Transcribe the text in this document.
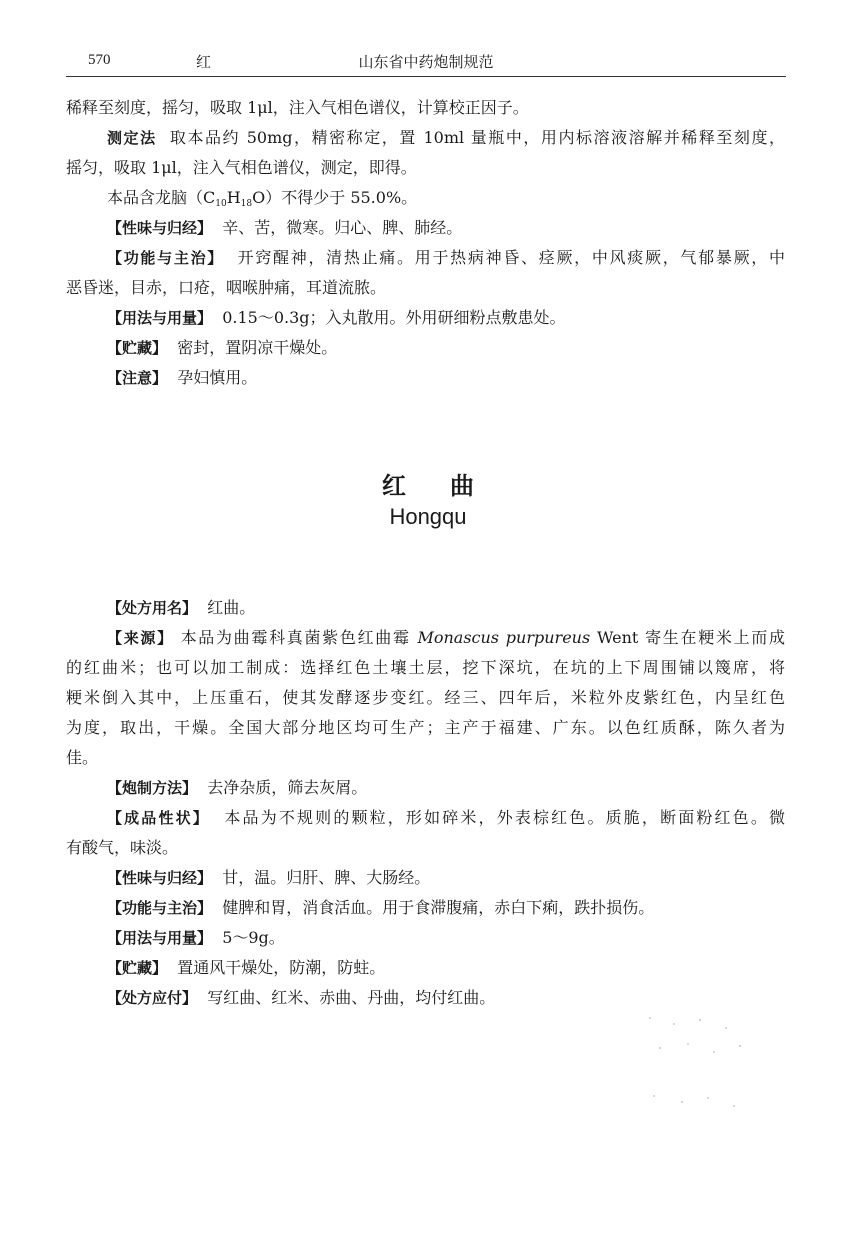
570	红	山东省中药炮制规范
稀释至刻度，摇匀，吸取 1μl，注入气相色谱仪，计算校正因子。
测定法 取本品约 50mg，精密称定，置 10ml 量瓶中，用内标溶液溶解并稀释至刻度，
摇匀，吸取 1μl，注入气相色谱仪，测定，即得。
本品含龙脑$(C_{10}H_{18}O)$不得少于 55.0%。
【性味与归经】 辛、苦，微寒。归心、脾、肺经。
【功能与主治】 开窍醒神，清热止痛。用于热病神昏、痉厥，中风痰厥，气郁暴厥，中
恶昏迷，目赤，口疮，咽喉肿痛，耳道流脓。
【用法与用量】 0.15～0.3g；入丸散用。外用研细粉点敷患处。
【贮藏】 密封，置阴凉干燥处。
【注意】 孕妇慎用。
红曲
Hongqu
【处方用名】 红曲。
【来源】 本品为曲霉科真菌紫色红曲霉 Monascus purpureus Went 寄生在粳米上而成
的红曲米；也可以加工制成：选择红色土壤土层，挖下深坑，在坑的上下周围铺以篾席，将
粳米倒入其中，上压重石，使其发酵逐步变红。经三、四年后，米粒外皮紫红色，内呈红色
为度，取出，干燥。全国大部分地区均可生产；主产于福建、广东。以色红质酥，陈久者为
佳。
【炮制方法】 去净杂质，筛去灰屑。
【成品性状】 本品为不规则的颗粒，形如碎米，外表棕红色。质脆，断面粉红色。微
有酸气，味淡。
【性味与归经】 甘，温。归肝、脾、大肠经。
【功能与主治】 健脾和胃，消食活血。用于食滞腹痛，赤白下痢，跌扑损伤。
【用法与用量】 5～9g。
【贮藏】 置通风干燥处，防潮，防蛀。
【处方应付】 写红曲、红米、赤曲、丹曲，均付红曲。
